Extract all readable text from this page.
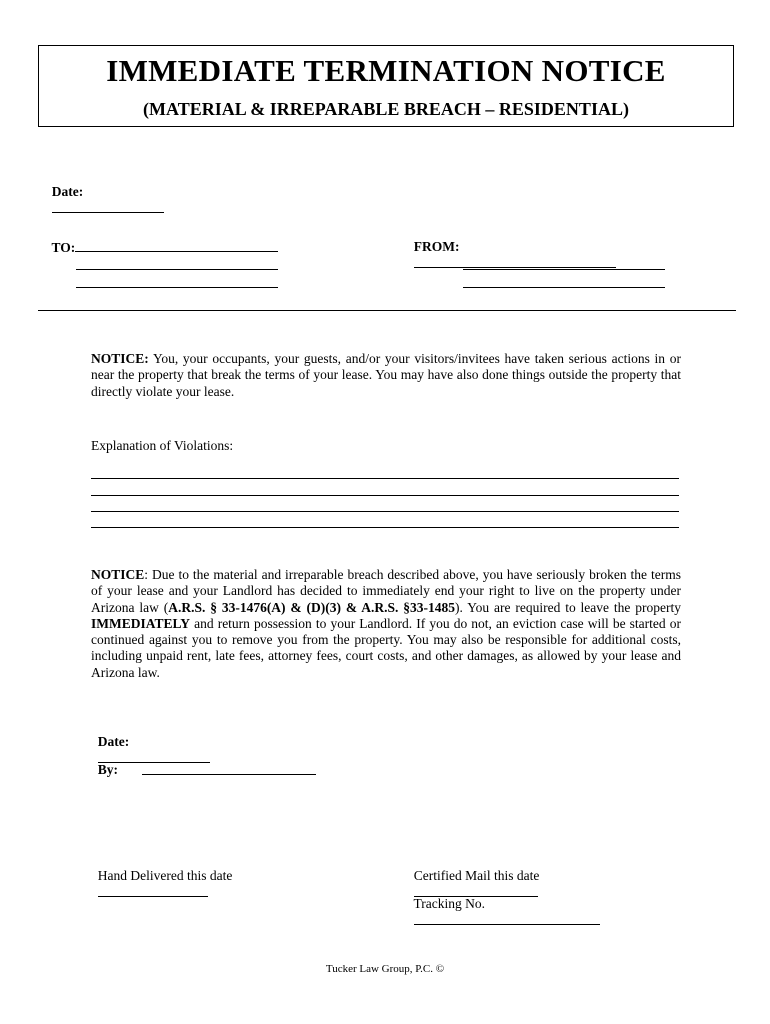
IMMEDIATE TERMINATION NOTICE
(MATERIAL & IRREPARABLE BREACH – RESIDENTIAL)

Date:

TO:

	FROM:

NOTICE: You, your occupants, your guests, and/or your visitors/invitees have taken serious actions in or near the property that break the terms of your lease. You may have also done things outside the property that directly violate your lease.
Explanation of Violations:
NOTICE: Due to the material and irreparable breach described above, you have seriously broken the terms of your lease and your Landlord has decided to immediately end your right to live on the property under Arizona law (A.R.S. § 33-1476(A) & (D)(3) & A.R.S. §33-1485). You are required to leave the property IMMEDIATELY and return possession to your Landlord. If you do not, an eviction case will be started or continued against you to remove you from the property. You may also be responsible for additional costs, including unpaid rent, late fees, attorney fees, court costs, and other damages, as allowed by your lease and Arizona law.

Date:

By:

Hand Delivered this date
	Certified Mail this date

Tracking No.

Tucker Law Group, P.C. ©
